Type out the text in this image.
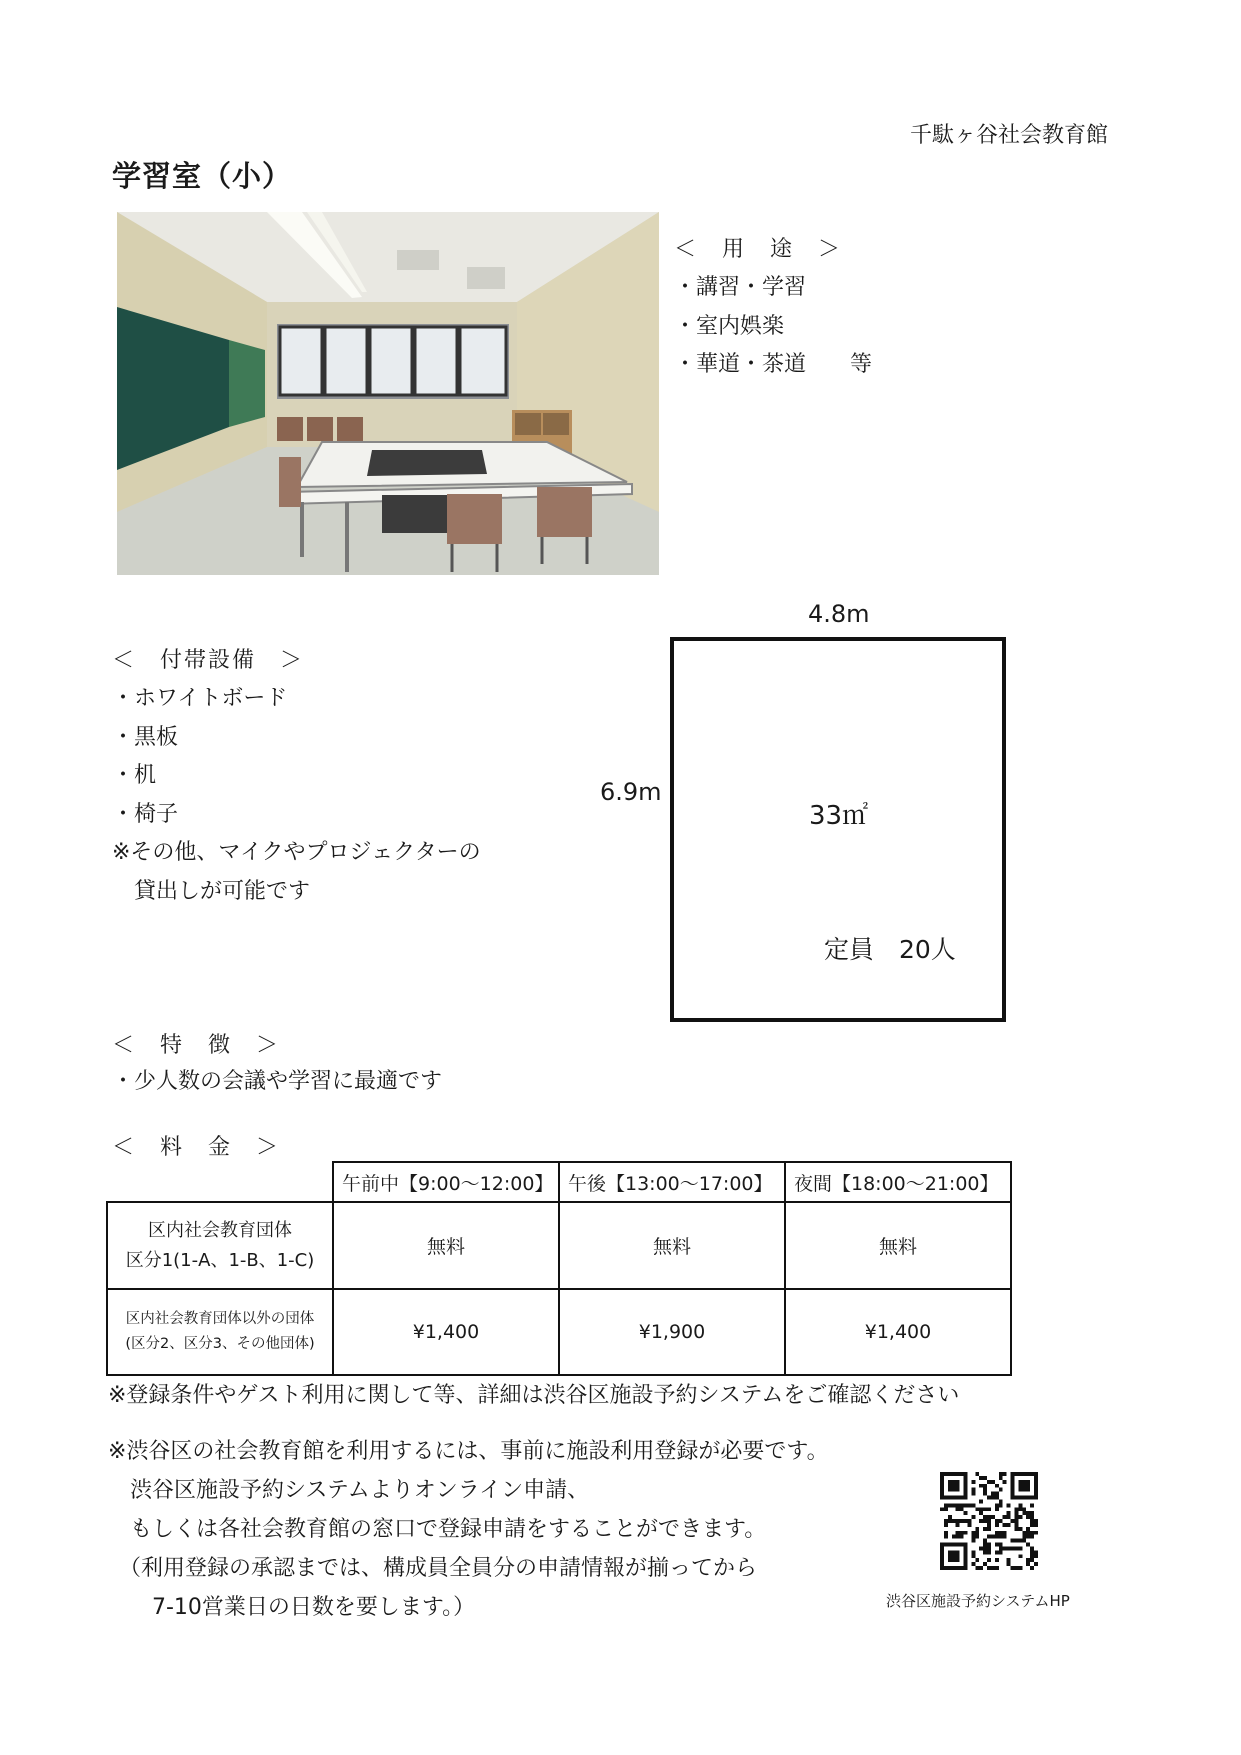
千駄ヶ谷社会教育館
学習室（小）
＜　用　途　＞
・講習・学習
・室内娯楽
・華道・茶道　　等
＜　付帯設備　＞
・ホワイトボード
・黒板
・机
・椅子
※その他、マイクやプロジェクターの
　貸出しが可能です
4.8m
6.9m
33㎡
定員　20人
＜　特　徴　＞
・少人数の会議や学習に最適です
＜　料　金　＞
	午前中【9:00～12:00】	午後【13:00～17:00】	夜間【18:00～21:00】

区内社会教育団体
区分1(1-A、1-B、1-C)	無料	無料	無料

区内社会教育団体以外の団体
(区分2、区分3、その他団体)	¥1,400	¥1,900	¥1,400
※登録条件やゲスト利用に関して等、詳細は渋谷区施設予約システムをご確認ください
※渋谷区の社会教育館を利用するには、事前に施設利用登録が必要です。
　渋谷区施設予約システムよりオンライン申請、
　もしくは各社会教育館の窓口で登録申請をすることができます。
　（利用登録の承認までは、構成員全員分の申請情報が揃ってから
　　7-10営業日の日数を要します。）	渋谷区施設予約システムHP
